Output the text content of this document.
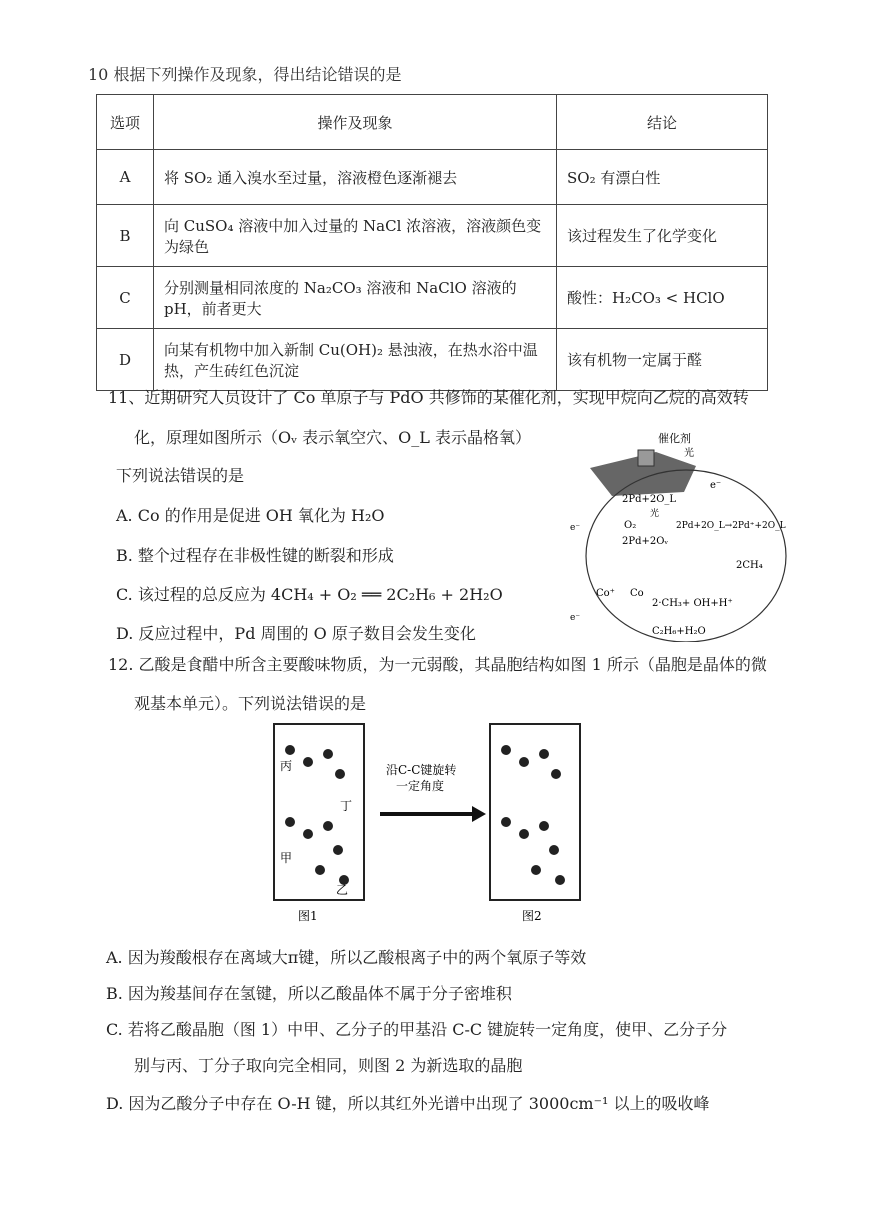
10 根据下列操作及现象，得出结论错误的是
选项	操作及现象	结论
A	将 SO₂ 通入溴水至过量，溶液橙色逐渐褪去	SO₂ 有漂白性
B	向 CuSO₄ 溶液中加入过量的 NaCl 浓溶液，溶液颜色变为绿色	该过程发生了化学变化
C	分别测量相同浓度的 Na₂CO₃ 溶液和 NaClO 溶液的 pH，前者更大	酸性：H₂CO₃ < HClO
D	向某有机物中加入新制 Cu(OH)₂ 悬浊液，在热水浴中温热，产生砖红色沉淀	该有机物一定属于醛
11、近期研究人员设计了 Co 单原子与 PdO 共修饰的某催化剂，实现甲烷向乙烷的高效转
化，原理如图所示（Oᵥ 表示氧空穴、O_L 表示晶格氧）
下列说法错误的是
A. Co 的作用是促进 OH 氧化为 H₂O
B. 整个过程存在非极性键的断裂和形成
C. 该过程的总反应为 4CH₄ + O₂ ══ 2C₂H₆ + 2H₂O
D. 反应过程中，Pd 周围的 O 原子数目会发生变化
催化剂
光
e⁻
2Pd+2O_L
O₂
光
2Pd+2Oᵥ
2Pd+2O_L→2Pd⁺+2O_L
2CH₄
Co⁺ Co
2·CH₃+ OH+H⁺
C₂H₆+H₂O
e⁻
e⁻
12. 乙酸是食醋中所含主要酸味物质，为一元弱酸，其晶胞结构如图 1 所示（晶胞是晶体的微
观基本单元）。下列说法错误的是
丙
丁
甲
乙
沿C-C键旋转
一定角度
图1	图2
A. 因为羧酸根存在离域大π键，所以乙酸根离子中的两个氧原子等效
B. 因为羧基间存在氢键，所以乙酸晶体不属于分子密堆积
C. 若将乙酸晶胞（图 1）中甲、乙分子的甲基沿 C-C 键旋转一定角度，使甲、乙分子分
别与丙、丁分子取向完全相同，则图 2 为新选取的晶胞
D. 因为乙酸分子中存在 O-H 键，所以其红外光谱中出现了 3000cm⁻¹ 以上的吸收峰
